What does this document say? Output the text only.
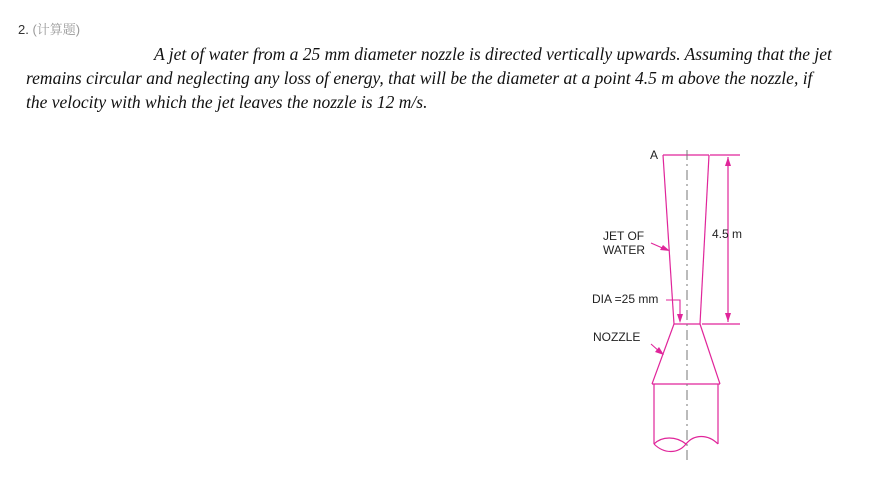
2. (计算题)

A jet of water from a 25 mm diameter nozzle is directed vertically upwards. Assuming that the jet remains circular and neglecting any loss of energy, that will be the diameter at a point 4.5 m above the nozzle, if the velocity with which the jet leaves the nozzle is 12 m/s.

A
JET OF
WATER
4.5 m
DIA =25 mm
NOZZLE
